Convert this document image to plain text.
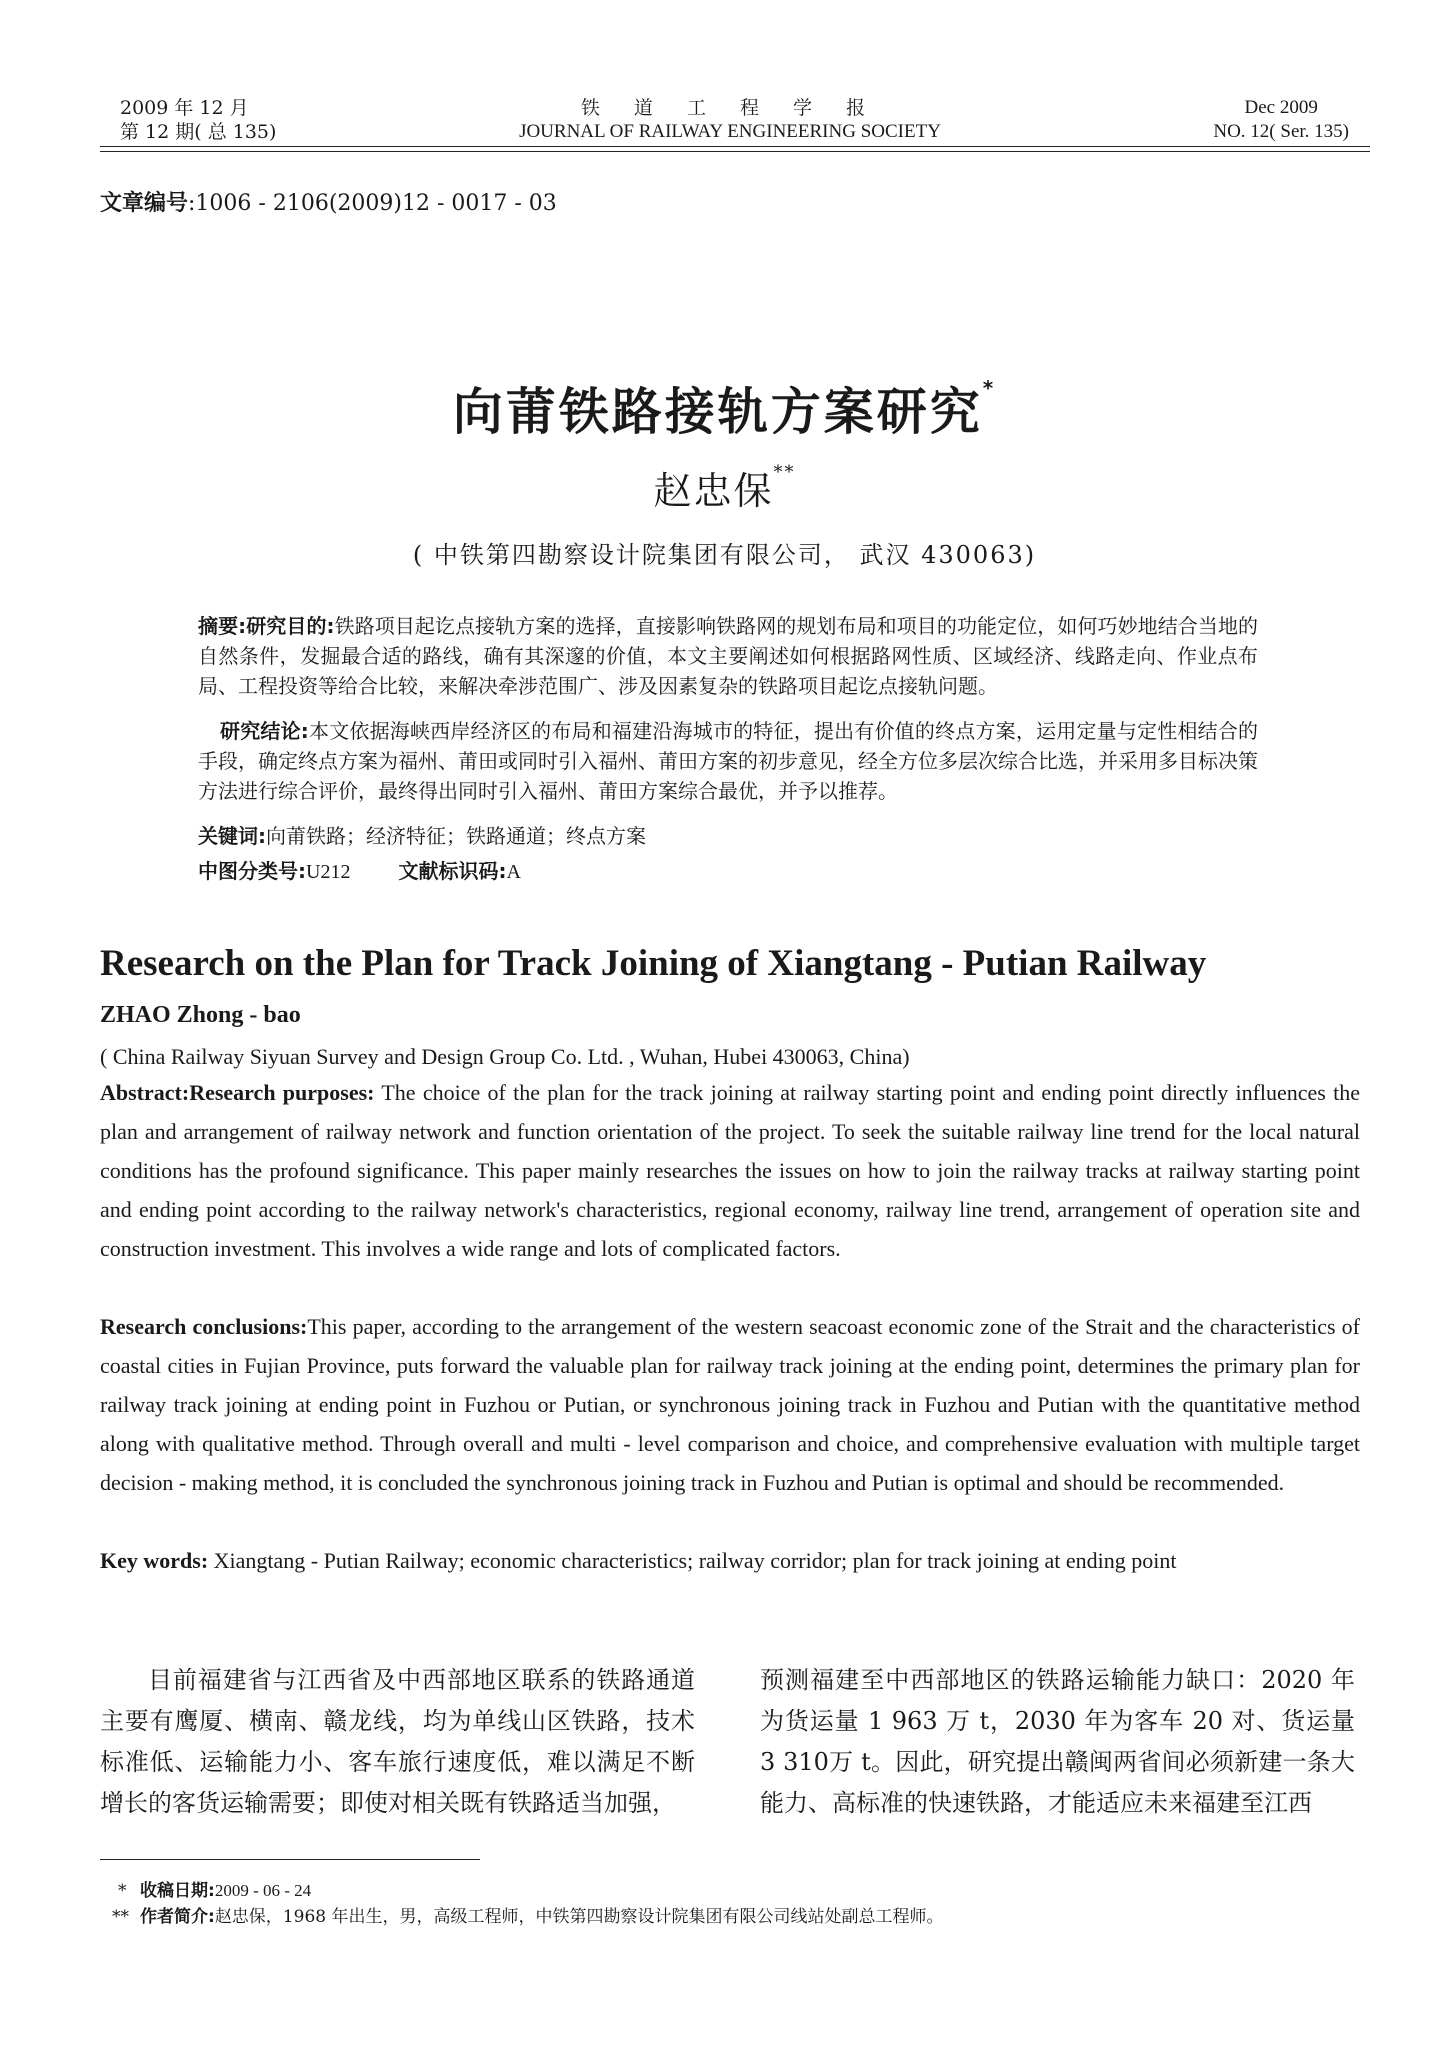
2009 年 12 月
第 12 期( 总 135)
铁 道 工 程 学 报
JOURNAL OF RAILWAY ENGINEERING SOCIETY
Dec 2009
NO. 12( Ser. 135)
文章编号:1006 - 2106(2009)12 - 0017 - 03
向莆铁路接轨方案研究*
赵忠保**
( 中铁第四勘察设计院集团有限公司， 武汉 430063)
摘要:研究目的:铁路项目起讫点接轨方案的选择，直接影响铁路网的规划布局和项目的功能定位，如何巧妙地结合当地的自然条件，发掘最合适的路线，确有其深邃的价值，本文主要阐述如何根据路网性质、区域经济、线路走向、作业点布局、工程投资等给合比较，来解决牵涉范围广、涉及因素复杂的铁路项目起讫点接轨问题。
研究结论:本文依据海峡西岸经济区的布局和福建沿海城市的特征，提出有价值的终点方案，运用定量与定性相结合的手段，确定终点方案为福州、莆田或同时引入福州、莆田方案的初步意见，经全方位多层次综合比选，并采用多目标决策方法进行综合评价，最终得出同时引入福州、莆田方案综合最优，并予以推荐。
关键词:向莆铁路；经济特征；铁路通道；终点方案
中图分类号:U212 文献标识码:A
Research on the Plan for Track Joining of Xiangtang - Putian Railway
ZHAO Zhong - bao
( China Railway Siyuan Survey and Design Group Co. Ltd. , Wuhan, Hubei 430063, China)
Abstract:Research purposes: The choice of the plan for the track joining at railway starting point and ending point directly influences the plan and arrangement of railway network and function orientation of the project. To seek the suitable railway line trend for the local natural conditions has the profound significance. This paper mainly researches the issues on how to join the railway tracks at railway starting point and ending point according to the railway network's characteristics, regional economy, railway line trend, arrangement of operation site and construction investment. This involves a wide range and lots of complicated factors.
Research conclusions:This paper, according to the arrangement of the western seacoast economic zone of the Strait and the characteristics of coastal cities in Fujian Province, puts forward the valuable plan for railway track joining at the ending point, determines the primary plan for railway track joining at ending point in Fuzhou or Putian, or synchronous joining track in Fuzhou and Putian with the quantitative method along with qualitative method. Through overall and multi - level comparison and choice, and comprehensive evaluation with multiple target decision - making method, it is concluded the synchronous joining track in Fuzhou and Putian is optimal and should be recommended.
Key words: Xiangtang - Putian Railway; economic characteristics; railway corridor; plan for track joining at ending point
目前福建省与江西省及中西部地区联系的铁路通道主要有鹰厦、横南、赣龙线，均为单线山区铁路，技术标准低、运输能力小、客车旅行速度低，难以满足不断增长的客货运输需要；即使对相关既有铁路适当加强，
预测福建至中西部地区的铁路运输能力缺口：2020 年为货运量 1 963 万 t，2030 年为客车 20 对、货运量 3 310万 t。因此，研究提出赣闽两省间必须新建一条大能力、高标准的快速铁路，才能适应未来福建至江西
* 收稿日期:2009 - 06 - 24
** 作者简介:赵忠保，1968 年出生，男，高级工程师，中铁第四勘察设计院集团有限公司线站处副总工程师。
